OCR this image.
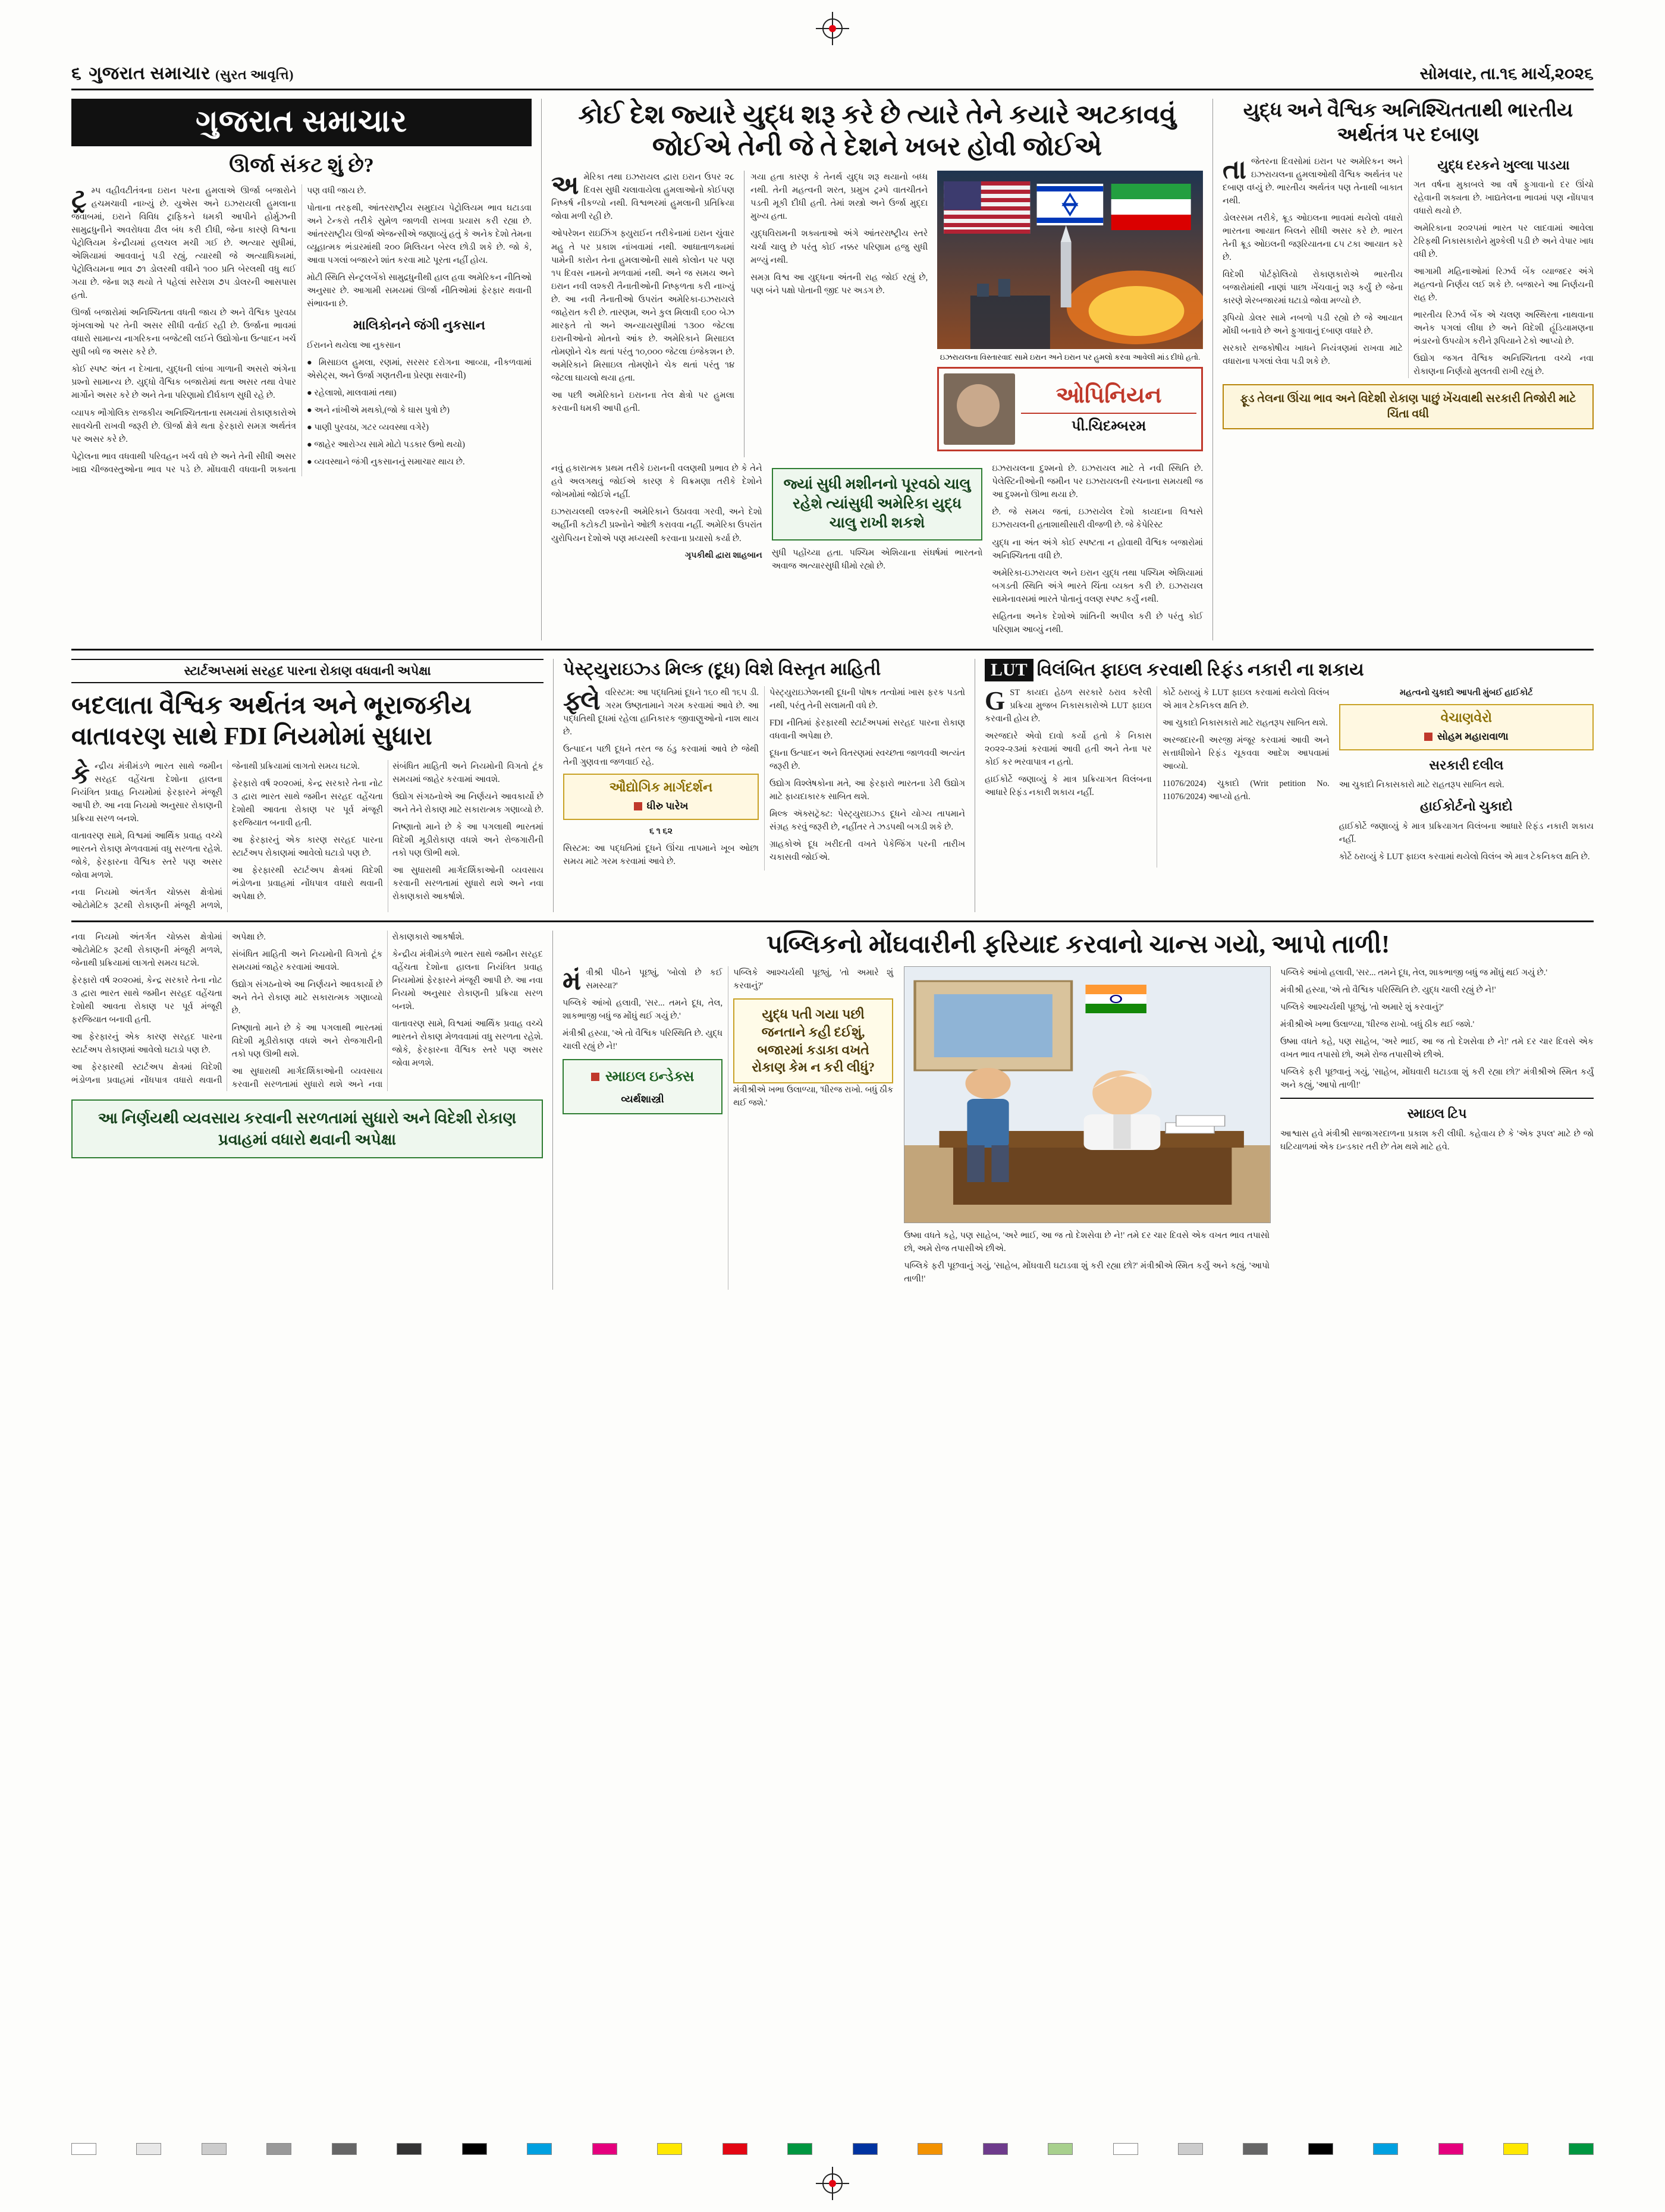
૬ ગુજરાત સમાચાર (સુરત આવૃત્તિ)	સોમવાર, તા.૧૬ માર્ચ,૨૦૨૬
ગુજરાત સમાચાર
ઊર્જા સંકટ શું છે?

ટ્રમ્પ વહીવટીતંત્રના ઇરાન પરના હુમલાએ ઊર્જા બજારોને હચમચાવી નાખ્યું છે. યુએસ અને ઇઝરાયલી હુમલાના જવાબમાં, ઇરાને વિવિધ ટ્રાફિકને ધમકી આપીને હોર્મુઝની સામુદ્રધુનીને અવરોધવા ઢીલ બંધ કરી દીધી, જેના કારણે વિશ્વના પેટ્રોલિયમ કેન્દ્રીયમાં હલચલ મચી ગઈ છે. અત્યાર સુધીમાં, એશિયામાં આવવાનું પડી રહ્યું, ત્યારથી જે અત્યાધિક્યમાં, પેટ્રોલિયમના ભાવ ૭૧ ડોલરથી વધીને ૧૦૦ પ્રતિ બેરલથી વધુ થઈ ગયા છે. જેના શરૂ થયો તે પહેલાં સરેરાશ ૭૫ ડોલરની આસપાસ હતો.

ઊર્જા બજારોમાં અનિશ્ચિતતા વધતી જાય છે અને વૈશ્વિક પુરવઠા શૃંખલાઓ પર તેની અસર સીધી વર્તાઈ રહી છે. ઉર્જાના ભાવમાં વધારો સામાન્ય નાગરિકના બજેટથી લઈને ઉદ્યોગોના ઉત્પાદન ખર્ચ સુધી બધે જ અસર કરે છે.

કોઈ સ્પષ્ટ અંત ન દેખાતા, યુદ્ધની લાંબા ગાળાની અસરો અંગેના પ્રશ્નો સામાન્ય છે. યુદ્ધો વૈશ્વિક બજારોમાં થતા અસર તથા વેપાર માર્ગોને અસર કરે છે અને તેના પરિણામો દીર્ઘકાળ સુધી રહે છે.

વ્યાપક ભૌગોલિક રાજકીય અનિશ્ચિતતાના સમયમાં રોકાણકારોએ સાવચેતી રાખવી જરૂરી છે. ઊર્જા ક્ષેત્રે થતા ફેરફારો સમગ્ર અર્થતંત્ર પર અસર કરે છે.

પેટ્રોલના ભાવ વધવાથી પરિવહન ખર્ચ વધે છે અને તેની સીધી અસર ખાદ્ય ચીજવસ્તુઓના ભાવ પર પડે છે. મોંઘવારી વધવાની શક્યતા પણ વધી જાય છે.

પોતાના તરફથી, આંતરરાષ્ટ્રીય સમુદાય પેટ્રોલિયમ ભાવ ઘટાડવા અને ટેન્કરો તરીકે સુમેળ જાળવી રાખવા પ્રયાસ કરી રહ્યા છે. આંતરરાષ્ટ્રીય ઊર્જા એજન્સીએ જણાવ્યું હતું કે અનેક દેશો તેમના વ્યૂહાત્મક ભંડારમાંથી ૨૦૦ મિલિયન બેરલ છોડી શકે છે. જો કે, આવા પગલાં બજારને શાંત કરવા માટે પૂરતા નહીં હોય.

મોટી સ્થિતિ સેન્ટ્રલબેંકો સામુદ્રધુનીથી હાલ હવા અમેરિકન નીતિઓ અનુસાર છે. આગામી સમયમાં ઊર્જા નીતિઓમાં ફેરફાર થવાની સંભાવના છે.

માલિકોનને જંગી નુકસાન

ઈરાનને થયેલા આ નુકસાન

● મિસાઇલ હુમલા, રણમાં, સરસર દરોગના આવ્યા, નીકળવામાં એસેટ્સ, અને ઉર્જા ગણતરીના પ્રેરણા સવારની)

● રહેલાશો, માલવામાં તથા)

● અને નાંખીએ મથકો,(જો કે ઘાસ પુત્રો છે)

● પાણી પુરવઠા, ગટર વ્યવસ્થા વગેરે)

● જાહેર આરોગ્ય સામે મોટો પડકાર ઉભો થયો)

● વ્યવસ્થાને જંગી નુકસાનનું સમાચાર થાય છે.

કોઈ દેશ જ્યારે યુદ્ધ શરૂ કરે છે ત્યારે તેને કયારે અટકાવવું જોઈએ તેની જે તે દેશને ખબર હોવી જોઈએ

અમેરિકા તથા ઇઝરાયલ દ્વારા ઇરાન ઉપર ૨૮ દિવસ સુધી ચલાવાયેલા હુમલાઓનો કોઈપણ નિષ્કર્ષ નીકળ્યો નથી. વિશ્વભરમાં હુમલાની પ્રતિક્રિયા જોવા મળી રહી છે.

ઓપરેશન રાઇઝિંગ ફ્યુરાઈન તરીકેનામાં ઇરાન ચુંવાર મહુ તે પર પ્રકાશ નાંખવામાં નથી. આધાતાળક્યમાં પામેની કારોન તેના હુમલાઓની સાથે કોલોન પર પણ ૧૫ દિવસ નામનો મળવામાં નથી. અને જ સમય અને ઇરાન નવી લશ્કરી તૈનાતીઓની નિષ્ફળતા કરી નાખ્યું છે. આ નવી તૈનાતીઓ ઉપરાંત અમેરિકા-ઇઝરાયલે જાહેરાત કરી છે. તારણમ, અને કુલ મિલાવી ૬૦૦ બેઝ મારફતે તો અને અન્યાયસુધીમાં ૧૩૦૦ જેટલા ઇરાનીઓનો મોતનો આંક છે. અમેરિકાને મિસાઇલ તોમણોને ચેક થતાં પરંતુ ૧૦,૦૦૦ જેટલા ઇંજેકશન છે. અમેરિકાને મિસાઇલ તોમણોને ચેક થતાં પરંતુ ૧૪ જેટલા ઘાયલો થયા હતા.

આ પછી અમેરિકાને ઇરાનના તેલ ક્ષેત્રો પર હુમલા કરવાની ધમકી આપી હતી.

ગયા હતા કારણ કે તેનર્થ યુદ્ધ શરૂ થયાનો બધ્ધ નથી. તેની મહત્વની શરત, પ્રમુખ ટ્રમ્પે વાતચીતને પડતી મૂકી દીધી હતી. તેમાં શસ્ત્રો અને ઉર્જા મુદ્દા મુખ્ય હતા.

યુદ્ધવિરામની શક્યતાઓ અંગે આંતરરાષ્ટ્રીય સ્તરે ચર્ચા ચાલુ છે પરંતુ કોઈ નક્કર પરિણામ હજુ સુધી મળ્યું નથી.

સમગ્ર વિશ્વ આ યુદ્ધના અંતની રાહ જોઈ રહ્યું છે, પણ બંને પક્ષો પોતાની જીદ પર અડગ છે.

ઇઝરાયલના વિસ્તારવાદ સામે ઇરાન અને ઇરાન પર હુમલો કરવા આવેલી માંડ દીધો હતો.
ઓપિનિયન
પી.ચિદમ્બરમ

નવું હકારાત્મક પ્રથમ તરીકે ઇરાનની વલણથી પ્રભાવ છે કે તેને હવે અલગથવું જોઈએ કારણ કે વિક્રમણા તરીકે દેશોને જોખમોમાં જોઈશે નહીં.

ઇઝરાયલથી લશ્કરની અમેરિકાને ઉઠાવવા ગરવી, અને દેશો અહીંની કટોકટી પ્રશ્નોને ઓછી કરાવવા નહીં. અમેરિકા ઉપરાંત યુરોપિયન દેશોએ પણ મધ્યસ્થી કરવાના પ્રયાસો કર્યા છે.

ગૃપકીથી દ્વારા શાહબાન

જ્યાં સુધી મશીનનો પૂરવઠો ચાલુ રહેશે ત્યાંસુધી અમેરિકા યુદ્ધ ચાલુ રાખી શકશે

સુધી પહોંચ્યા હતા. પશ્ચિમ એશિયાના સંઘર્ષમાં ભારતનો અવાજ અત્યારસુધી ધીમો રહ્યો છે.

ઇઝરાયલના દુશ્મનો છે. ઇઝરાયલ માટે તે નવી સ્થિતિ છે. પેલેસ્ટિનીઓની જમીન પર ઇઝરાયલની રચનાના સમયથી જ આ દુશ્મનો ઊભા થયા છે.

છે. જે સમય જતાં, ઇઝરાયેલ દેશો કાયદાના વિશ્વસે ઇઝરાયલની હતાશાથીસારી વીજળી છે. જે કેપેરિસ્ટ

યુદ્ધ ના અંત અંગે કોઈ સ્પષ્ટતા ન હોવાથી વૈશ્વિક બજારોમાં અનિશ્ચિતતા વધી છે.

અમેરિકા-ઇઝરાયલ અને ઇરાન યુદ્ધ તથા પશ્ચિમ એશિયામાં બગડતી સ્થિતિ અંગે ભારતે ચિંતા વ્યક્ત કરી છે. ઇઝરાયલ સામેનાવસમાં ભારતે પોતાનું વલણ સ્પષ્ટ કર્યું નથી.

સહિતના અનેક દેશોએ શાંતિની અપીલ કરી છે પરંતુ કોઈ પરિણામ આવ્યું નથી.

યુદ્ધ અને વૈશ્વિક અનિશ્ચિતતાથી ભારતીય અર્થતંત્ર પર દબાણ

તાજેતરના દિવસોમાં ઇરાન પર અમેરિકન અને ઇઝરાયલના હુમલાઓથી વૈશ્વિક અર્થતંત્ર પર દબાણ વધ્યું છે. ભારતીય અર્થતંત્ર પણ તેનાથી બાકાત નથી.

ડોલરસમ તરીકે, ક્રૂડ ઓઇલના ભાવમાં થયેલો વધારો ભારતના આયાત બિલને સીધી અસર કરે છે. ભારત તેની ક્રૂડ ઓઇલની જરૂરિયાતના ૮૫ ટકા આયાત કરે છે.

વિદેશી પોર્ટફોલિયો રોકાણકારોએ ભારતીય બજારોમાંથી નાણાં પાછા ખેંચવાનું શરૂ કર્યું છે જેના કારણે શેરબજારમાં ઘટાડો જોવા મળ્યો છે.

રૂપિયો ડોલર સામે નબળો પડી રહ્યો છે જે આયાત મોંઘી બનાવે છે અને ફુગાવાનું દબાણ વધારે છે.

સરકારે રાજકોષીય ખાધને નિયંત્રણમાં રાખવા માટે વધારાના પગલાં લેવા પડી શકે છે.

યુદ્ધ દરકને ખુલ્લા પાડયા

ગત વર્ષના મુકાબલે આ વર્ષે ફુગાવાનો દર ઊંચો રહેવાની શક્યતા છે. ખાદ્યતેલના ભાવમાં પણ નોંધપાત્ર વધારો થયો છે.

અમેરિકાના ૨૦૨૫માં ભારત પર લાદવામાં આવેલા ટેરિફથી નિકાસકારોને મુશ્કેલી પડી છે અને વેપાર ખાધ વધી છે.

આગામી મહિનાઓમાં રિઝર્વ બેંક વ્યાજદર અંગે મહત્વનો નિર્ણય લઈ શકે છે. બજારને આ નિર્ણયની રાહ છે.

ભારતીય રિઝર્વ બેંક એ ચલણ અસ્થિરતા નાથવાના અનેક પગલાં લીધા છે અને વિદેશી હૂંડિયામણના ભંડારનો ઉપયોગ કરીને રૂપિયાને ટેકો આપ્યો છે.

ઉદ્યોગ જગત વૈશ્વિક અનિશ્ચિતતા વચ્ચે નવા રોકાણના નિર્ણયો મુલતવી રાખી રહ્યું છે.

ફૂડ તેલના ઊંચા ભાવ અને વિદેશી રોકાણ પાછું ખેંચવાથી સરકારી તિજોરી માટે ચિંતા વધી
સ્ટાર્ટઅપ્સમાં સરહદ પારના રોકાણ વધવાની અપેક્ષા
બદલાતા વૈશ્વિક અર્થતંત્ર અને ભૂરાજકીય વાતાવરણ સાથે FDI નિયમોમાં સુધારા

કેન્દ્રીય મંત્રીમંડળે ભારત સાથે જમીન સરહદ વહેંચતા દેશોના હાલના નિયંત્રિત પ્રવાહ નિયમોમાં ફેરફારને મંજૂરી આપી છે. આ નવા નિયમો અનુસાર રોકાણની પ્રક્રિયા સરળ બનશે.

વાતાવરણ સામે, વિશ્વમાં આર્થિક પ્રવાહ વચ્ચે ભારતને રોકાણ મેળવવામાં વધુ સરળતા રહેશે. જોકે, ફેરફારના વૈશ્વિક સ્તરે પણ અસર જોવા મળશે.

નવા નિયમો અંતર્ગત ચોક્કસ ક્ષેત્રોમાં ઓટોમેટિક રૂટથી રોકાણની મંજૂરી મળશે, જેનાથી પ્રક્રિયામાં લાગતો સમય ઘટશે.

ફેરફારો વર્ષ ૨૦૨૦માં, કેન્દ્ર સરકારે તેના નોટ ૩ દ્વારા ભારત સાથે જમીન સરહદ વહેંચતા દેશોથી આવતા રોકાણ પર પૂર્વ મંજૂરી ફરજિયાત બનાવી હતી.

આ ફેરફારનું એક કારણ સરહદ પારના સ્ટાર્ટઅપ રોકાણમાં આવેલો ઘટાડો પણ છે.

આ ફેરફારથી સ્ટાર્ટઅપ ક્ષેત્રમાં વિદેશી ભંડોળના પ્રવાહમાં નોંધપાત્ર વધારો થવાની અપેક્ષા છે.

સંબંધિત માહિતી અને નિયમોની વિગતો ટૂંક સમયમાં જાહેર કરવામાં આવશે.

ઉદ્યોગ સંગઠનોએ આ નિર્ણયને આવકાર્યો છે અને તેને રોકાણ માટે સકારાત્મક ગણાવ્યો છે.

નિષ્ણાતો માને છે કે આ પગલાથી ભારતમાં વિદેશી મૂડીરોકાણ વધશે અને રોજગારીની તકો પણ ઊભી થશે.

આ સુધારાથી માર્ગદર્શિકાઓની વ્યવસાય કરવાની સરળતામાં સુધારો થશે અને નવા રોકાણકારો આકર્ષાશે.

પેસ્ટ્યુરાઇઝ્ડ મિલ્ક (દૂધ) વિશે વિસ્તૃત માહિતી

ફ્લેવરિસ્ટમ: આ પદ્ધતિમાં દૂધને ૧૬૦ થી ૧૬૫ ડી. ગરમ ઉષ્ણતામાને ગરમ કરવામાં આવે છે. આ પદ્ધતિથી દૂધમાં રહેલા હાનિકારક જીવાણુઓનો નાશ થાય છે.

ઉત્પાદન પછી દૂધને તરત જ ઠંડુ કરવામાં આવે છે જેથી તેની ગુણવત્તા જળવાઈ રહે.

ઔદ્યોગિક માર્ગદર્શન
ધીરુ પારેખ

૬ ૧ ૬૨

સિસ્ટમ: આ પદ્ધતિમાં દૂધને ઊંચા તાપમાને ખૂબ ઓછા સમય માટે ગરમ કરવામાં આવે છે.

પેસ્ટ્યુરાઇઝેશનથી દૂધની પોષક તત્વોમાં ખાસ ફરક પડતો નથી, પરંતુ તેની સલામતી વધે છે.

FDI નીતિમાં ફેરફારથી સ્ટાર્ટઅપમાં સરહદ પારના રોકાણ વધવાની અપેક્ષા છે.

દૂધના ઉત્પાદન અને વિતરણમાં સ્વચ્છતા જાળવવી અત્યંત જરૂરી છે.

ઉદ્યોગ વિશ્લેષકોના મતે, આ ફેરફારો ભારતના ડેરી ઉદ્યોગ માટે ફાયદાકારક સાબિત થશે.

મિલ્ક ઍક્સટ્રૅક્ટ: પેસ્ટ્યુરાઇઝ્ડ દૂધને યોગ્ય તાપમાને સંગ્રહ કરવું જરૂરી છે, નહીંતર તે ઝડપથી બગડી શકે છે.

ગ્રાહકોએ દૂધ ખરીદતી વખતે પેકેજિંગ પરની તારીખ ચકાસવી જોઈએ.

LUT વિલંબિત ફાઇલ કરવાથી રિફંડ નકારી ના શકાય

GST કાયદા હેઠળ સરકારે ઠરાવ કરેલી પ્રક્રિયા મુજબ નિકાસકારોએ LUT ફાઇલ કરવાની હોય છે.

અરજદારે એવો દાવો કર્યો હતો કે નિકાસ ૨૦૨૨-૨૩માં કરવામાં આવી હતી અને તેના પર કોઈ કર ભરવાપાત્ર ન હતો.

હાઈકોર્ટે જણાવ્યું કે માત્ર પ્રક્રિયાગત વિલંબના આધારે રિફંડ નકારી શકાય નહીં.

કોર્ટે ઠરાવ્યું કે LUT ફાઇલ કરવામાં થયેલો વિલંબ એ માત્ર ટેકનિકલ ક્ષતિ છે.

આ ચુકાદો નિકાસકારો માટે રાહતરૂપ સાબિત થશે.

અરજદારની અરજી મંજૂર કરવામાં આવી અને સત્તાધીશોને રિફંડ ચૂકવવા આદેશ આપવામાં આવ્યો.

11076/2024) ચુકાદો (Writ petition No. 11076/2024) આપ્યો હતો.

મહત્વનો ચુકાદો આપતી મુંબઈ હાઈકોર્ટ

વેચાણવેરો
સોહમ મહારાવાળા
સરકારી દલીલ

આ ચુકાદો નિકાસકારો માટે રાહતરૂપ સાબિત થશે.

હાઈકોર્ટનો ચુકાદો

હાઈકોર્ટે જણાવ્યું કે માત્ર પ્રક્રિયાગત વિલંબના આધારે રિફંડ નકારી શકાય નહીં.

કોર્ટે ઠરાવ્યું કે LUT ફાઇલ કરવામાં થયેલો વિલંબ એ માત્ર ટેકનિકલ ક્ષતિ છે.

નવા નિયમો અંતર્ગત ચોક્કસ ક્ષેત્રોમાં ઓટોમેટિક રૂટથી રોકાણની મંજૂરી મળશે, જેનાથી પ્રક્રિયામાં લાગતો સમય ઘટશે.

ફેરફારો વર્ષ ૨૦૨૦માં, કેન્દ્ર સરકારે તેના નોટ ૩ દ્વારા ભારત સાથે જમીન સરહદ વહેંચતા દેશોથી આવતા રોકાણ પર પૂર્વ મંજૂરી ફરજિયાત બનાવી હતી.

આ ફેરફારનું એક કારણ સરહદ પારના સ્ટાર્ટઅપ રોકાણમાં આવેલો ઘટાડો પણ છે.

આ ફેરફારથી સ્ટાર્ટઅપ ક્ષેત્રમાં વિદેશી ભંડોળના પ્રવાહમાં નોંધપાત્ર વધારો થવાની અપેક્ષા છે.

સંબંધિત માહિતી અને નિયમોની વિગતો ટૂંક સમયમાં જાહેર કરવામાં આવશે.

ઉદ્યોગ સંગઠનોએ આ નિર્ણયને આવકાર્યો છે અને તેને રોકાણ માટે સકારાત્મક ગણાવ્યો છે.

નિષ્ણાતો માને છે કે આ પગલાથી ભારતમાં વિદેશી મૂડીરોકાણ વધશે અને રોજગારીની તકો પણ ઊભી થશે.

આ સુધારાથી માર્ગદર્શિકાઓની વ્યવસાય કરવાની સરળતામાં સુધારો થશે અને નવા રોકાણકારો આકર્ષાશે.

કેન્દ્રીય મંત્રીમંડળે ભારત સાથે જમીન સરહદ વહેંચતા દેશોના હાલના નિયંત્રિત પ્રવાહ નિયમોમાં ફેરફારને મંજૂરી આપી છે. આ નવા નિયમો અનુસાર રોકાણની પ્રક્રિયા સરળ બનશે.

વાતાવરણ સામે, વિશ્વમાં આર્થિક પ્રવાહ વચ્ચે ભારતને રોકાણ મેળવવામાં વધુ સરળતા રહેશે. જોકે, ફેરફારના વૈશ્વિક સ્તરે પણ અસર જોવા મળશે.

આ નિર્ણયથી વ્યવસાય કરવાની સરળતામાં સુધારો અને વિદેશી રોકાણ પ્રવાહમાં વધારો થવાની અપેક્ષા
પબ્લિકનો મોંઘવારીની ફરિયાદ કરવાનો ચાન્સ ગયો, આપો તાળી!

મંત્રીશ્રી પીઠને પૂછ્યું, 'બોલો છે કઈ સમસ્યા?'

પબ્લિકે આંખો હલાવી, 'સર... તમને દૂધ, તેલ, શાકભાજી બધું જ મોંઘું થઈ ગયું છે.'

મંત્રીશ્રી હસ્યા, 'એ તો વૈશ્વિક પરિસ્થિતિ છે. યુદ્ધ ચાલી રહ્યું છે ને!'

સ્માઇલ ઇન્ડેક્સ
વ્યર્થશાસ્ત્રી

પબ્લિકે આશ્ચર્યથી પૂછ્યું, 'તો અમારે શું કરવાનું?'

યુદ્ધ પતી ગયા પછી જનતાને કહી દઈશું, બજારમાં કડાકા વખતે રોકાણ કેમ ન કરી લીધું?

મંત્રીશ્રીએ ખભા ઉલાળ્યા, 'ધીરજ રાખો. બધું ઠીક થઈ જશે.'

ઉષ્મા વધતે કહે, પણ સાહેબ, 'અરે ભાઈ, આ જ તો દેશસેવા છે ને!' તમે દર ચાર દિવસે એક વખત ભાવ તપાસો છો, અમે રોજ તપાસીએ છીએ.

પબ્લિકે ફરી પૂછવાનું ગયું, 'સાહેબ, મોંઘવારી ઘટાડવા શું કરી રહ્યા છો?' મંત્રીશ્રીએ સ્મિત કર્યું અને કહ્યું, 'આપો તાળી!'

પબ્લિકે આંખો હલાવી, 'સર... તમને દૂધ, તેલ, શાકભાજી બધું જ મોંઘું થઈ ગયું છે.'

મંત્રીશ્રી હસ્યા, 'એ તો વૈશ્વિક પરિસ્થિતિ છે. યુદ્ધ ચાલી રહ્યું છે ને!'

પબ્લિકે આશ્ચર્યથી પૂછ્યું, 'તો અમારે શું કરવાનું?'

મંત્રીશ્રીએ ખભા ઉલાળ્યા, 'ધીરજ રાખો. બધું ઠીક થઈ જશે.'

ઉષ્મા વધતે કહે, પણ સાહેબ, 'અરે ભાઈ, આ જ તો દેશસેવા છે ને!' તમે દર ચાર દિવસે એક વખત ભાવ તપાસો છો, અમે રોજ તપાસીએ છીએ.

પબ્લિકે ફરી પૂછવાનું ગયું, 'સાહેબ, મોંઘવારી ઘટાડવા શું કરી રહ્યા છો?' મંત્રીશ્રીએ સ્મિત કર્યું અને કહ્યું, 'આપો તાળી!'

સ્માઇલ ટિપ

આશ્વાસ હવે મંત્રીશ્રી સાજાગરદાળના પ્રકાશ કરી લીધી. કહેવાય છે કે 'એક રૂપલ' માટે છે જો ઘટિયાળમાં એક ઇન્ડકાર તરી છે' તેમ થશે માટે હવે.
